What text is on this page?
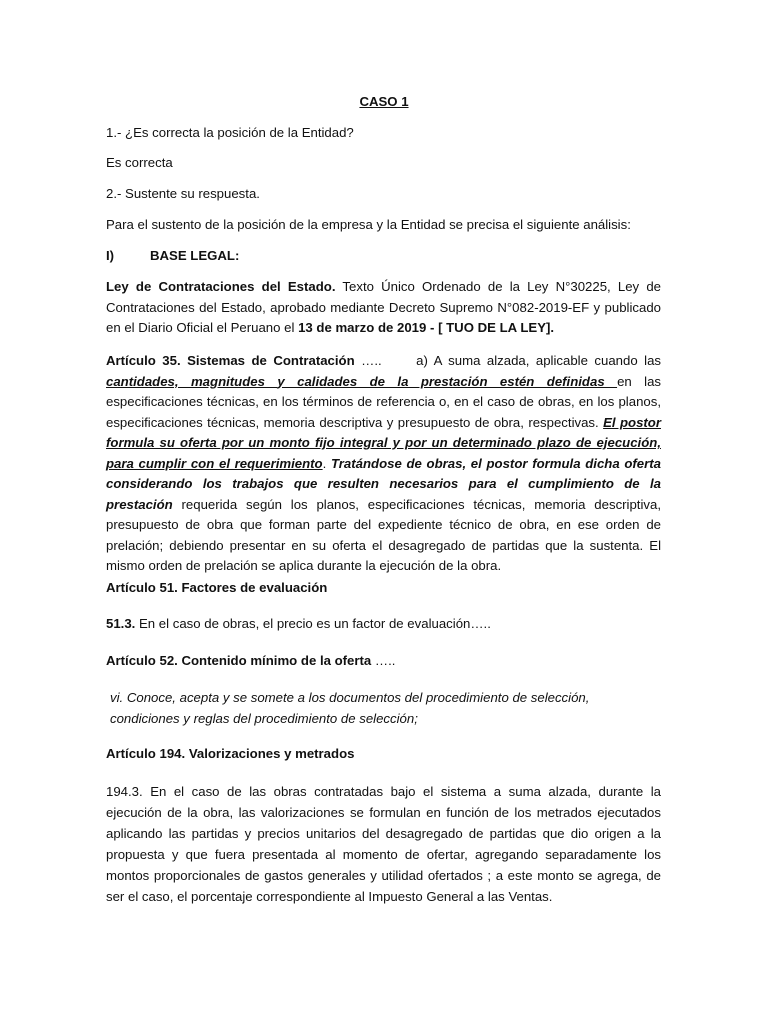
CASO 1
1.- ¿Es correcta la posición de la Entidad?
Es correcta
2.- Sustente su respuesta.
Para el sustento de la posición de la empresa y la Entidad se precisa el siguiente análisis:
I)	BASE LEGAL:
Ley de Contrataciones del Estado. Texto Único Ordenado de la Ley N°30225, Ley de Contrataciones del Estado, aprobado mediante Decreto Supremo N°082-2019-EF y publicado en el Diario Oficial el Peruano el 13 de marzo de 2019 - [ TUO DE LA LEY].
Artículo 35. Sistemas de Contratación …..	a) A suma alzada, aplicable cuando las cantidades, magnitudes y calidades de la prestación estén definidas en las especificaciones técnicas, en los términos de referencia o, en el caso de obras, en los planos, especificaciones técnicas, memoria descriptiva y presupuesto de obra, respectivas. El postor formula su oferta por un monto fijo integral y por un determinado plazo de ejecución, para cumplir con el requerimiento. Tratándose de obras, el postor formula dicha oferta considerando los trabajos que resulten necesarios para el cumplimiento de la prestación requerida según los planos, especificaciones técnicas, memoria descriptiva, presupuesto de obra que forman parte del expediente técnico de obra, en ese orden de prelación; debiendo presentar en su oferta el desagregado de partidas que la sustenta. El mismo orden de prelación se aplica durante la ejecución de la obra.
Artículo 51. Factores de evaluación
51.3. En el caso de obras, el precio es un factor de evaluación…..
Artículo 52. Contenido mínimo de la oferta …..
vi. Conoce, acepta y se somete a los documentos del procedimiento de selección, condiciones y reglas del procedimiento de selección;
Artículo 194. Valorizaciones y metrados
194.3. En el caso de las obras contratadas bajo el sistema a suma alzada, durante la ejecución de la obra, las valorizaciones se formulan en función de los metrados ejecutados aplicando las partidas y precios unitarios del desagregado de partidas que dio origen a la propuesta y que fuera presentada al momento de ofertar, agregando separadamente los montos proporcionales de gastos generales y utilidad ofertados ; a este monto se agrega, de ser el caso, el porcentaje correspondiente al Impuesto General a las Ventas.
